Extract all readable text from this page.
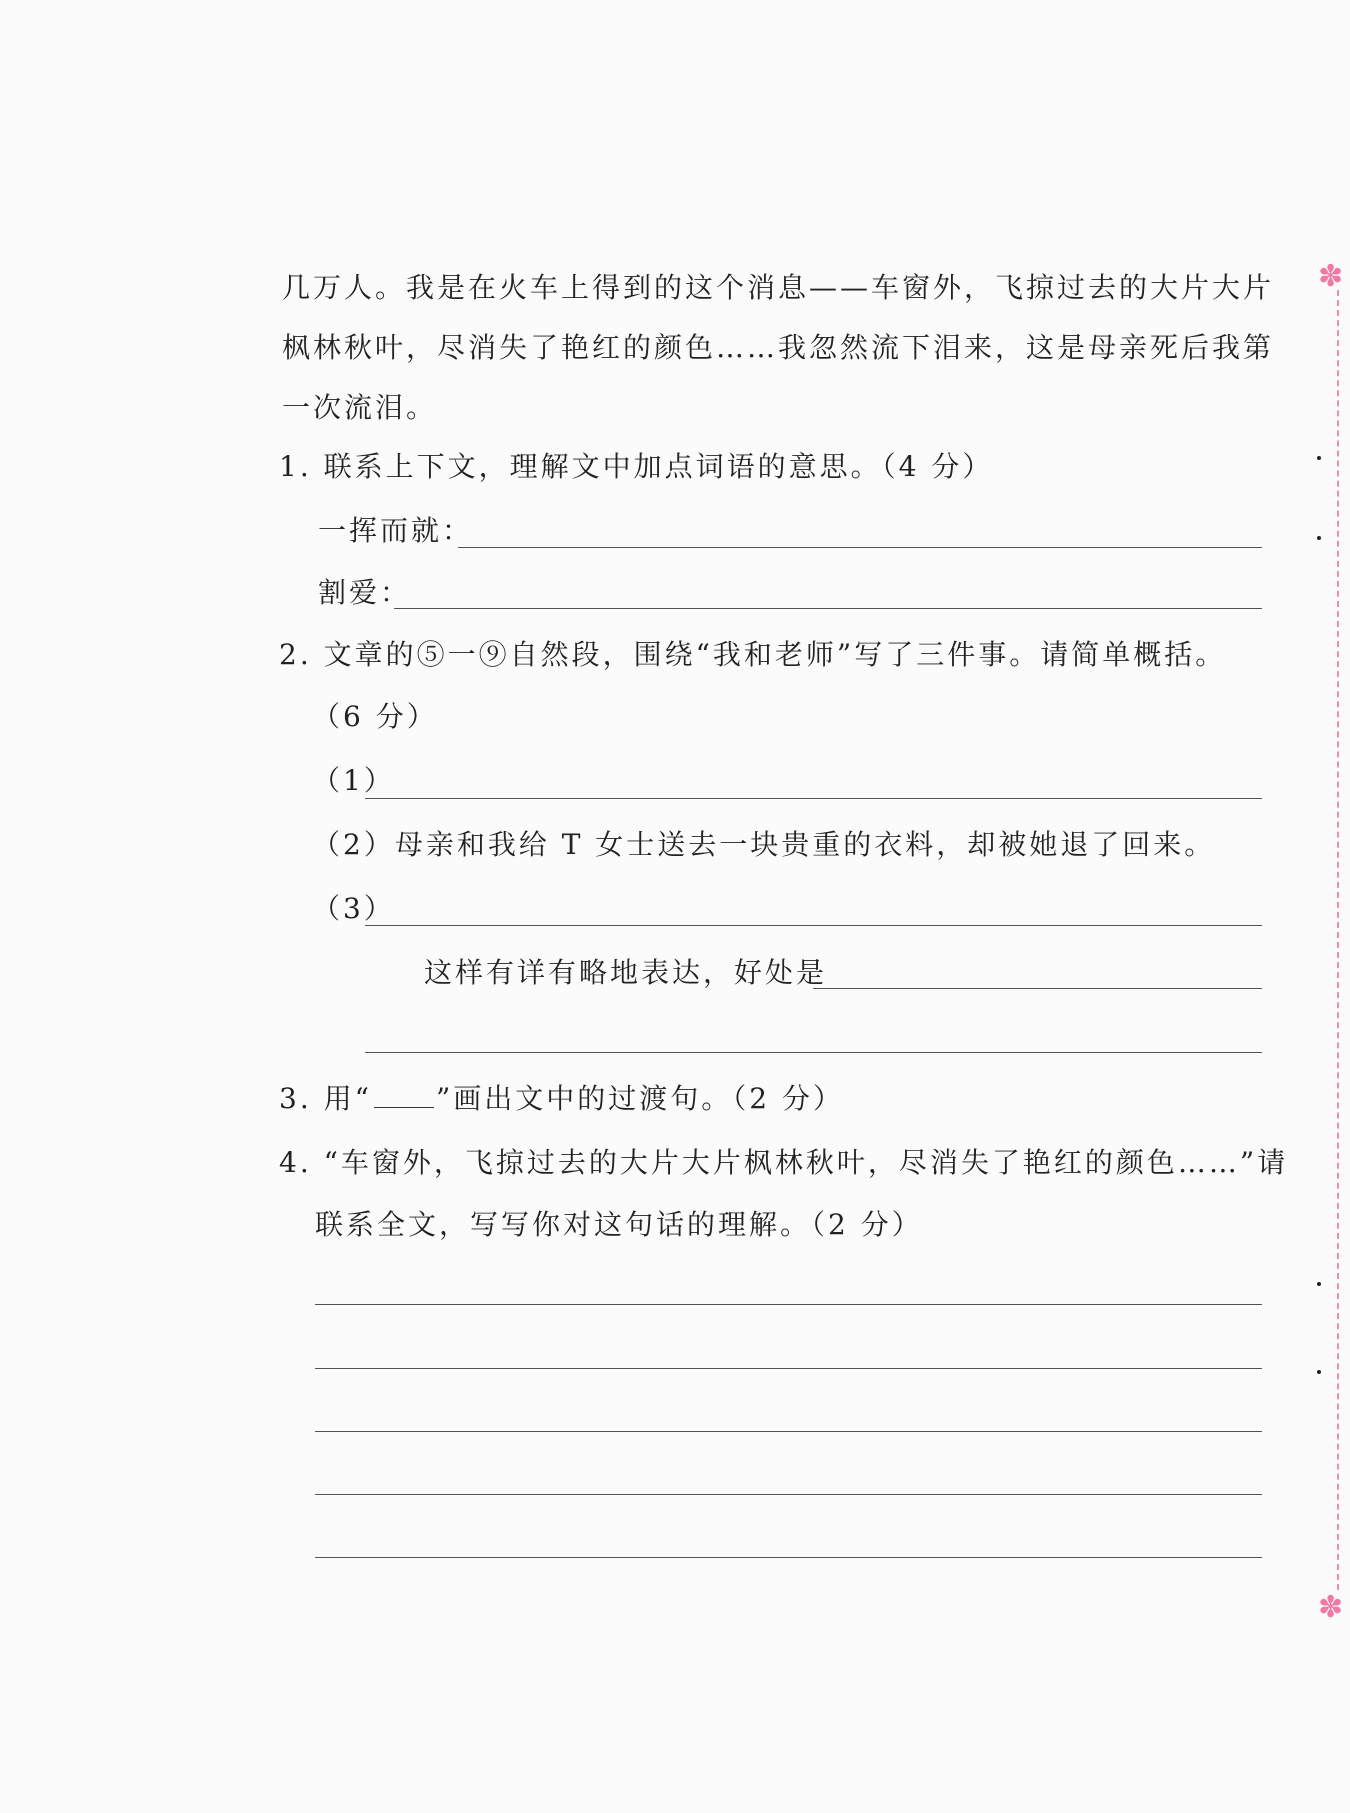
几万人。我是在火车上得到的这个消息——车窗外，飞掠过去的大片大片
枫林秋叶，尽消失了艳红的颜色……我忽然流下泪来，这是母亲死后我第
一次流泪。
1. 联系上下文，理解文中加点词语的意思。（4 分）
一挥而就：
割爱：
2. 文章的⑤一⑨自然段，围绕“我和老师”写了三件事。请简单概括。
（6 分）
（1）
（2）母亲和我给 T 女士送去一块贵重的衣料，却被她退了回来。
（3）
这样有详有略地表达，好处是
3. 用“ ”画出文中的过渡句。（2 分）
4. “车窗外，飞掠过去的大片大片枫林秋叶，尽消失了艳红的颜色……”请
联系全文，写写你对这句话的理解。（2 分）
✽
✽
